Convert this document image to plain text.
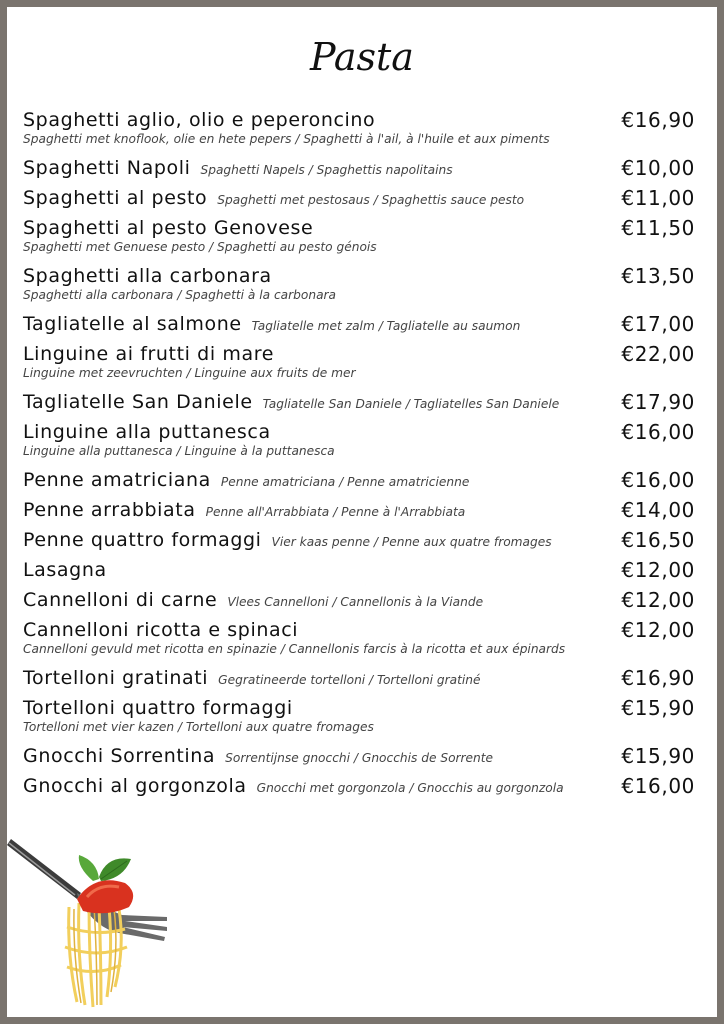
Pasta
Spaghetti aglio, olio e peperoncino	€16,90
Spaghetti met knoflook, olie en hete pepers / Spaghetti à l'ail, à l'huile et aux piments
Spaghetti Napoli Spaghetti Napels / Spaghettis napolitains	€10,00
Spaghetti al pesto Spaghetti met pestosaus / Spaghettis sauce pesto	€11,00
Spaghetti al pesto Genovese	€11,50
Spaghetti met Genuese pesto / Spaghetti au pesto génois
Spaghetti alla carbonara	€13,50
Spaghetti alla carbonara / Spaghetti à la carbonara
Tagliatelle al salmone Tagliatelle met zalm / Tagliatelle au saumon	€17,00
Linguine ai frutti di mare	€22,00
Linguine met zeevruchten / Linguine aux fruits de mer
Tagliatelle San Daniele Tagliatelle San Daniele / Tagliatelles San Daniele	€17,90
Linguine alla puttanesca	€16,00
Linguine alla puttanesca / Linguine à la puttanesca
Penne amatriciana Penne amatriciana / Penne amatricienne	€16,00
Penne arrabbiata Penne all'Arrabbiata / Penne à l'Arrabbiata	€14,00
Penne quattro formaggi Vier kaas penne / Penne aux quatre fromages	€16,50
Lasagna	€12,00
Cannelloni di carne Vlees Cannelloni / Cannellonis à la Viande	€12,00
Cannelloni ricotta e spinaci	€12,00
Cannelloni gevuld met ricotta en spinazie / Cannellonis farcis à la ricotta et aux épinards
Tortelloni gratinati Gegratineerde tortelloni / Tortelloni gratiné	€16,90
Tortelloni quattro formaggi	€15,90
Tortelloni met vier kazen / Tortelloni aux quatre fromages
Gnocchi Sorrentina Sorrentijnse gnocchi / Gnocchis de Sorrente	€15,90
Gnocchi al gorgonzola Gnocchi met gorgonzola / Gnocchis au gorgonzola	€16,00
